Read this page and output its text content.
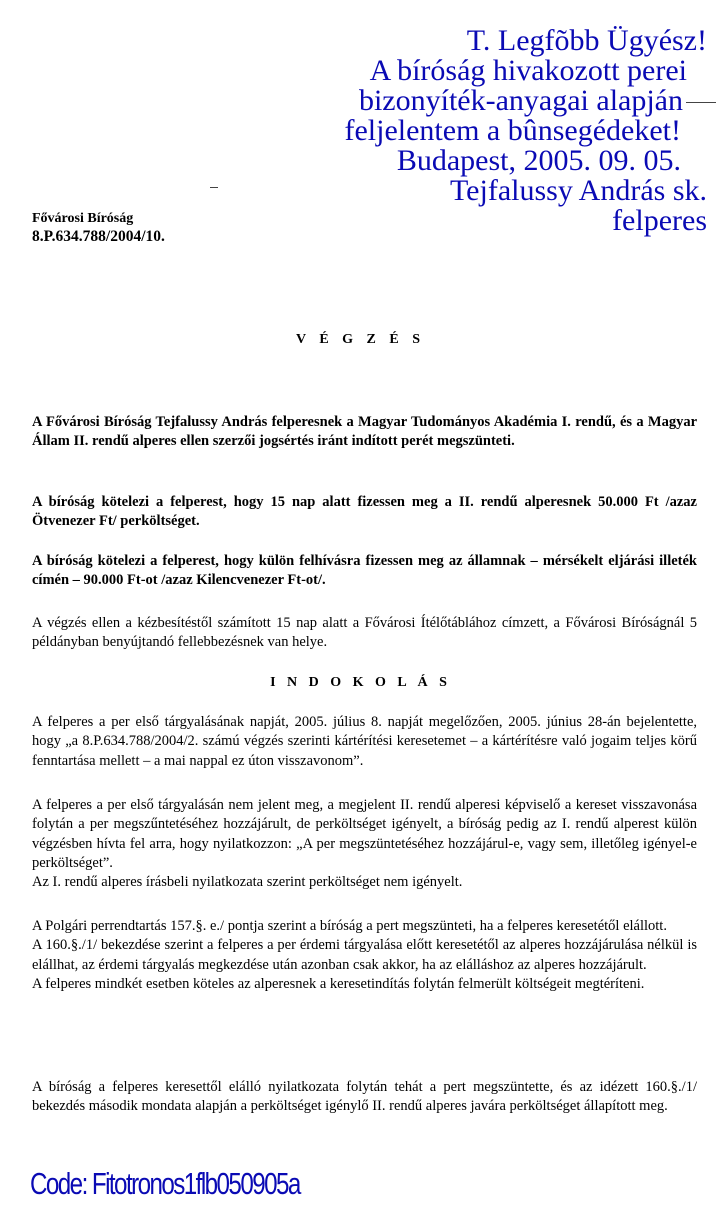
T. Legfõbb Ügyész!
A bíróság hivakozott perei
bizonyíték-anyagai alapján
feljelentem a bûnsegédeket!
Budapest, 2005. 09. 05.
Tejfalussy András sk.
felperes
Fővárosi Bíróság
8.P.634.788/2004/10.
V É G Z É S

A Fővárosi Bíróság Tejfalussy András felperesnek a Magyar Tudományos Akadémia I. rendű, és a Magyar Állam II. rendű alperes ellen szerzői jogsértés iránt indított perét megszünteti.

A bíróság kötelezi a felperest, hogy 15 nap alatt fizessen meg a II. rendű alperesnek 50.000 Ft /azaz Ötvenezer Ft/ perköltséget.

A bíróság kötelezi a felperest, hogy külön felhívásra fizessen meg az államnak – mérsékelt eljárási illeték címén – 90.000 Ft-ot /azaz Kilencvenezer Ft-ot/.

A végzés ellen a kézbesítéstől számított 15 nap alatt a Fővárosi Ítélőtáblához címzett, a Fővárosi Bíróságnál 5 példányban benyújtandó fellebbezésnek van helye.

I N D O K O L Á S

A felperes a per első tárgyalásának napját, 2005. július 8. napját megelőzően, 2005. június 28-án bejelentette, hogy „a 8.P.634.788/2004/2. számú végzés szerinti kártérítési keresetemet – a kártérítésre való jogaim teljes körű fenntartása mellett – a mai nappal ez úton visszavonom”.

A felperes a per első tárgyalásán nem jelent meg, a megjelent II. rendű alperesi képviselő a kereset visszavonása folytán a per megszűntetéséhez hozzájárult, de perköltséget igényelt, a bíróság pedig az I. rendű alperest külön végzésben hívta fel arra, hogy nyilatkozzon: „A per megszüntetéséhez hozzájárul-e, vagy sem, illetőleg igényel-e perköltséget”.

Az I. rendű alperes írásbeli nyilatkozata szerint perköltséget nem igényelt.

A Polgári perrendtartás 157.§. e./ pontja szerint a bíróság a pert megszünteti, ha a felperes keresetétől elállott.

A 160.§./1/ bekezdése szerint a felperes a per érdemi tárgyalása előtt keresetétől az alperes hozzájárulása nélkül is elállhat, az érdemi tárgyalás megkezdése után azonban csak akkor, ha az elálláshoz az alperes hozzájárult.

A felperes mindkét esetben köteles az alperesnek a keresetindítás folytán felmerült költségeit megtéríteni.

A bíróság a felperes keresettől elálló nyilatkozata folytán tehát a pert megszüntette, és az idézett 160.§./1/ bekezdés második mondata alapján a perköltséget igénylő II. rendű alperes javára perköltséget állapított meg.

Code: Fitotronos1flb050905a
